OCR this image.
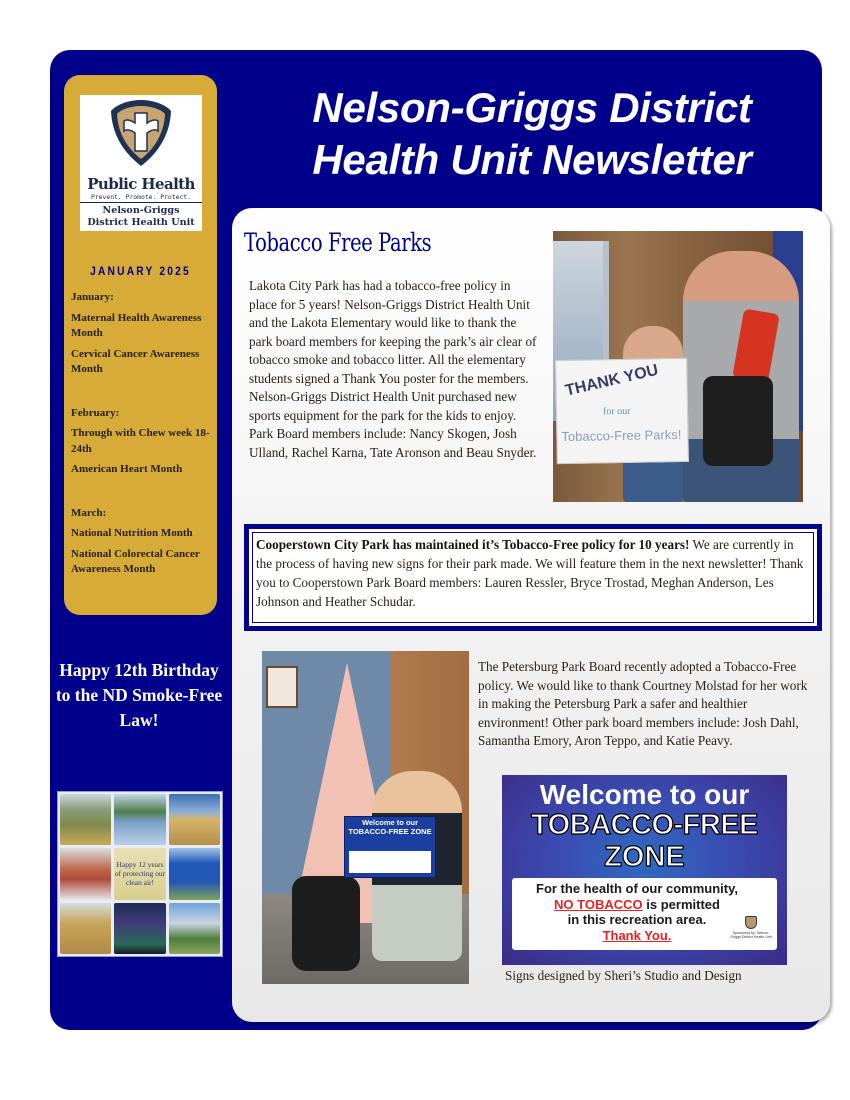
Public Health
Prevent. Promote. Protect.
Nelson-Griggs
District Health Unit
JANUARY 2025
January:
Maternal Health Awareness Month
Cervical Cancer Awareness Month
February:
Through with Chew week 18-24th
American Heart Month
March:
National Nutrition Month
National Colorectal Cancer Awareness Month
Happy 12th Birthday to the ND Smoke-Free Law!
Happy 12 years of protecting our clean air!
Nelson-Griggs District
Health Unit Newsletter
Tobacco Free Parks
Lakota City Park has had a tobacco-free policy in place for 5 years! Nelson-Griggs District Health Unit and the Lakota Elementary would like to thank the park board members for keeping the park’s air clear of tobacco smoke and tobacco litter. All the elementary students signed a Thank You poster for the members. Nelson-Griggs District Health Unit purchased new sports equipment for the park for the kids to enjoy. Park Board members include: Nancy Skogen, Josh Ulland, Rachel Karna, Tate Aronson and Beau Snyder.
THANK YOU
for our
Tobacco-Free Parks!
Cooperstown City Park has maintained it’s Tobacco-Free policy for 10 years! We are currently in the process of having new signs for their park made. We will feature them in the next newsletter! Thank you to Cooperstown Park Board members: Lauren Ressler, Bryce Trostad, Meghan Anderson, Les Johnson and Heather Schudar.
Welcome to our TOBACCO-FREE ZONE
The Petersburg Park Board recently adopted a Tobacco-Free policy. We would like to thank Courtney Molstad for her work in making the Petersburg Park a safer and healthier environment! Other park board members include: Josh Dahl, Samantha Emory, Aron Teppo, and Katie Peavy.
Welcome to our
TOBACCO-FREE
ZONE
For the health of our community,
NO TOBACCO is permitted
in this recreation area.
Thank You.	Sponsored by: Nelson-Griggs District Health Unit
Signs designed by Sheri’s Studio and Design
